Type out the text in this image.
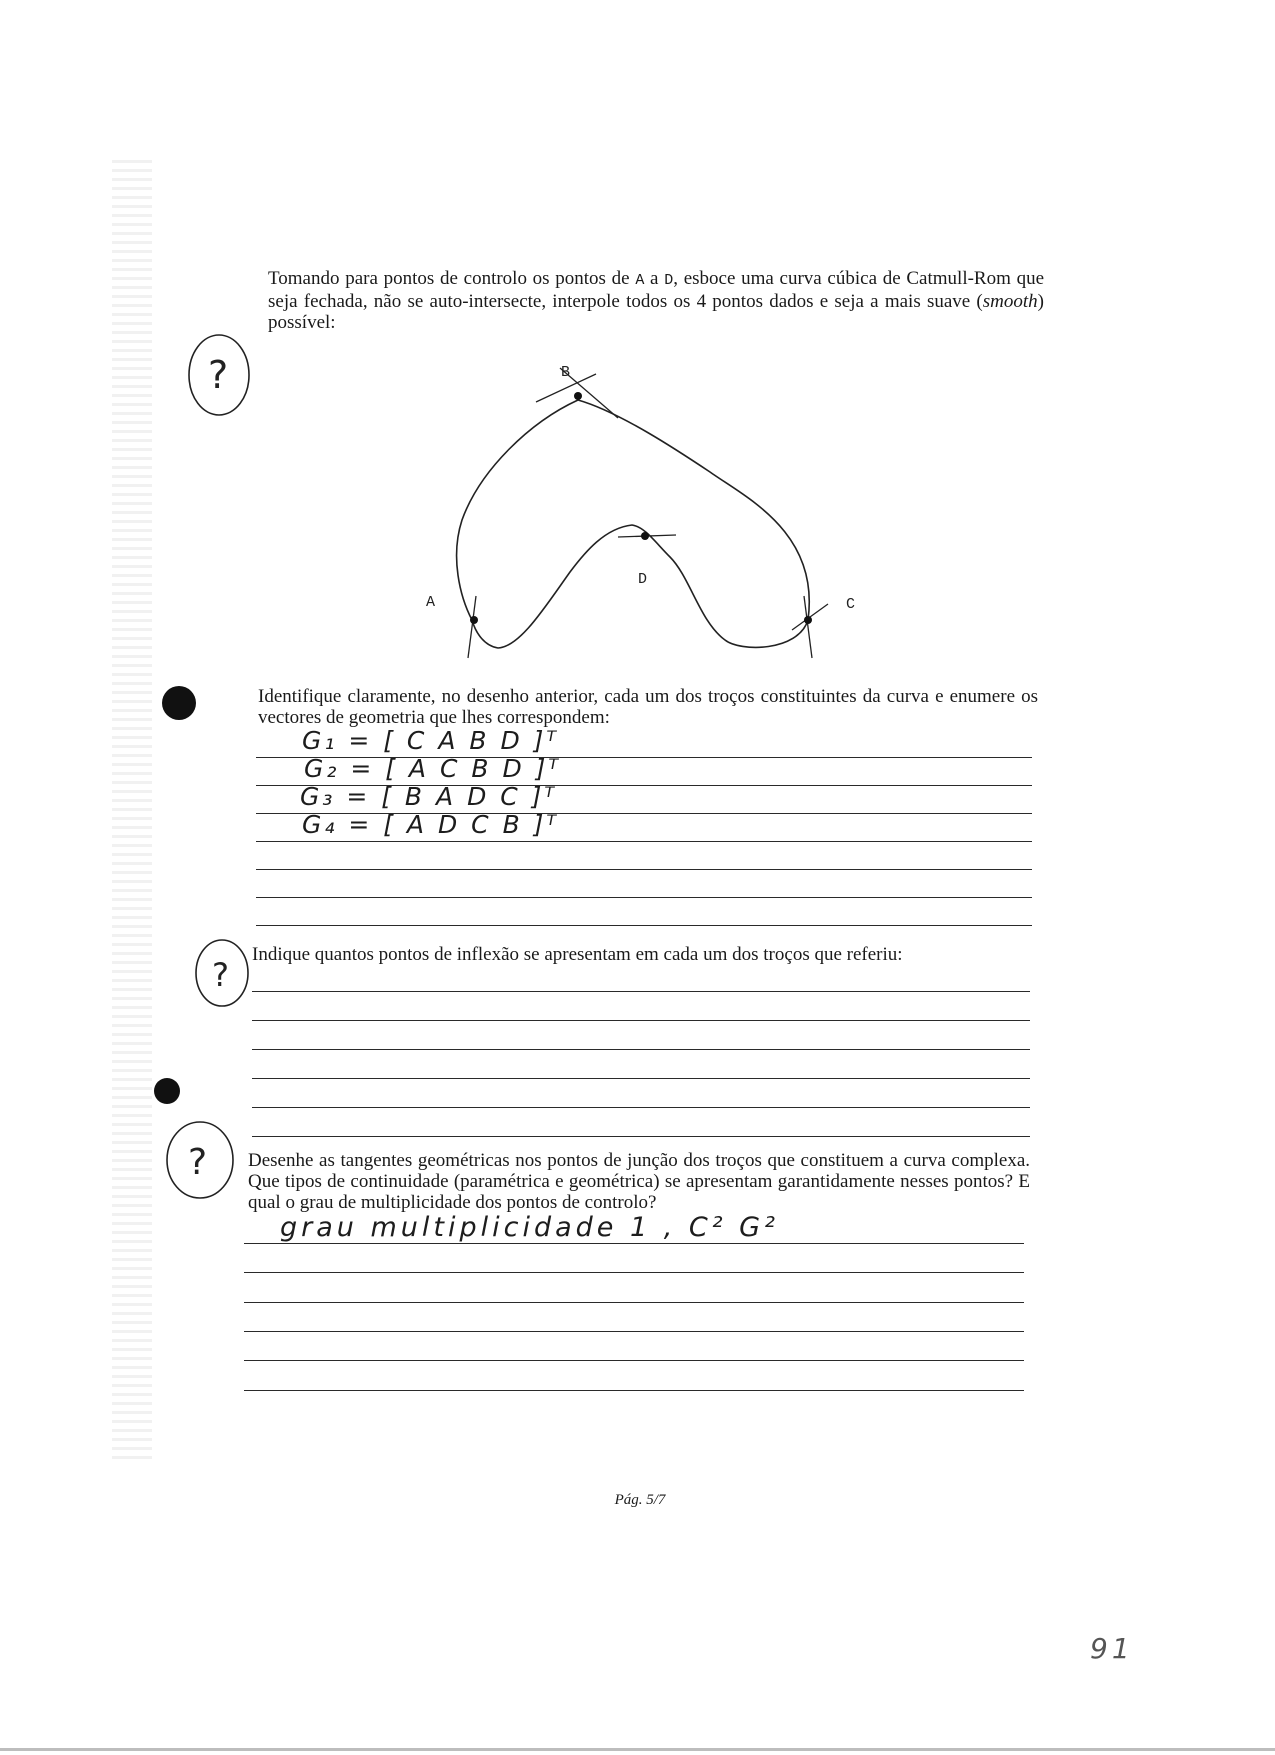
Tomando para pontos de controlo os pontos de A a D, esboce uma curva cúbica de Catmull-Rom que seja fechada, não se auto-intersecte, interpole todos os 4 pontos dados e seja a mais suave (smooth) possível:
?	B
D
A	C
Identifique claramente, no desenho anterior, cada um dos troços constituintes da curva e enumere os vectores de geometria que lhes correspondem:
G₁ = [ C A B D ]ᵀ
G₂ = [ A C B D ]ᵀ
G₃ = [ B A D C ]ᵀ
G₄ = [ A D C B ]ᵀ
?
Indique quantos pontos de inflexão se apresentam em cada um dos troços que referiu:
? Desenhe as tangentes geométricas nos pontos de junção dos troços que constituem a curva complexa. Que tipos de continuidade (paramétrica e geométrica) se apresentam garantidamente nesses pontos? E qual o grau de multiplicidade dos pontos de controlo?
grau multiplicidade 1 , C² G²
Pág. 5/7
91
